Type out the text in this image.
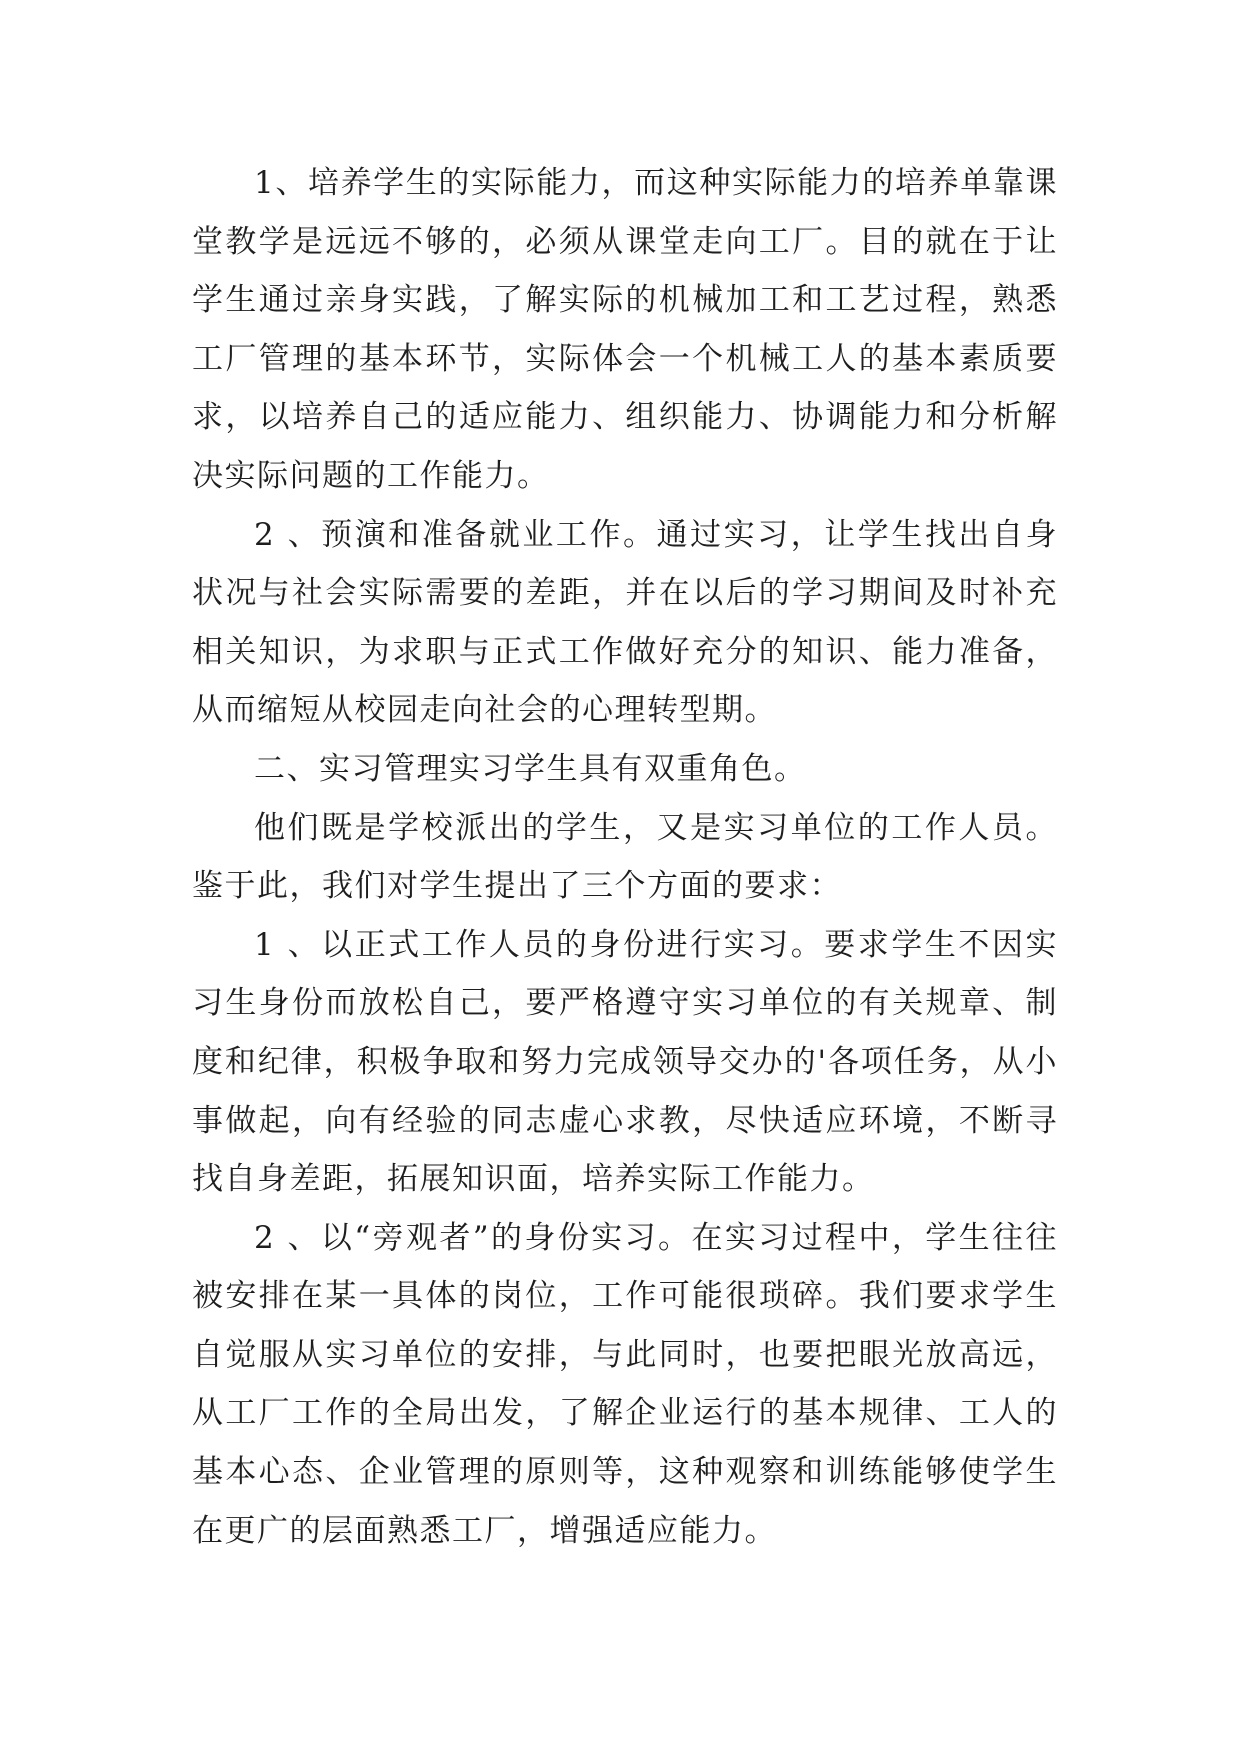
1、培养学生的实际能力，而这种实际能力的培养单靠课堂教学是远远不够的，必须从课堂走向工厂。目的就在于让学生通过亲身实践，了解实际的机械加工和工艺过程，熟悉工厂管理的基本环节，实际体会一个机械工人的基本素质要求，以培养自己的适应能力、组织能力、协调能力和分析解决实际问题的工作能力。

2 、预演和准备就业工作。通过实习，让学生找出自身状况与社会实际需要的差距，并在以后的学习期间及时补充相关知识，为求职与正式工作做好充分的知识、能力准备，从而缩短从校园走向社会的心理转型期。

二、实习管理实习学生具有双重角色。

他们既是学校派出的学生，又是实习单位的工作人员。鉴于此，我们对学生提出了三个方面的要求：

1 、以正式工作人员的身份进行实习。要求学生不因实习生身份而放松自己，要严格遵守实习单位的有关规章、制度和纪律，积极争取和努力完成领导交办的'各项任务，从小事做起，向有经验的同志虚心求教，尽快适应环境，不断寻找自身差距，拓展知识面，培养实际工作能力。

2 、以“旁观者”的身份实习。在实习过程中，学生往往被安排在某一具体的岗位，工作可能很琐碎。我们要求学生自觉服从实习单位的安排，与此同时，也要把眼光放高远，从工厂工作的全局出发，了解企业运行的基本规律、工人的基本心态、企业管理的原则等，这种观察和训练能够使学生在更广的层面熟悉工厂，增强适应能力。
